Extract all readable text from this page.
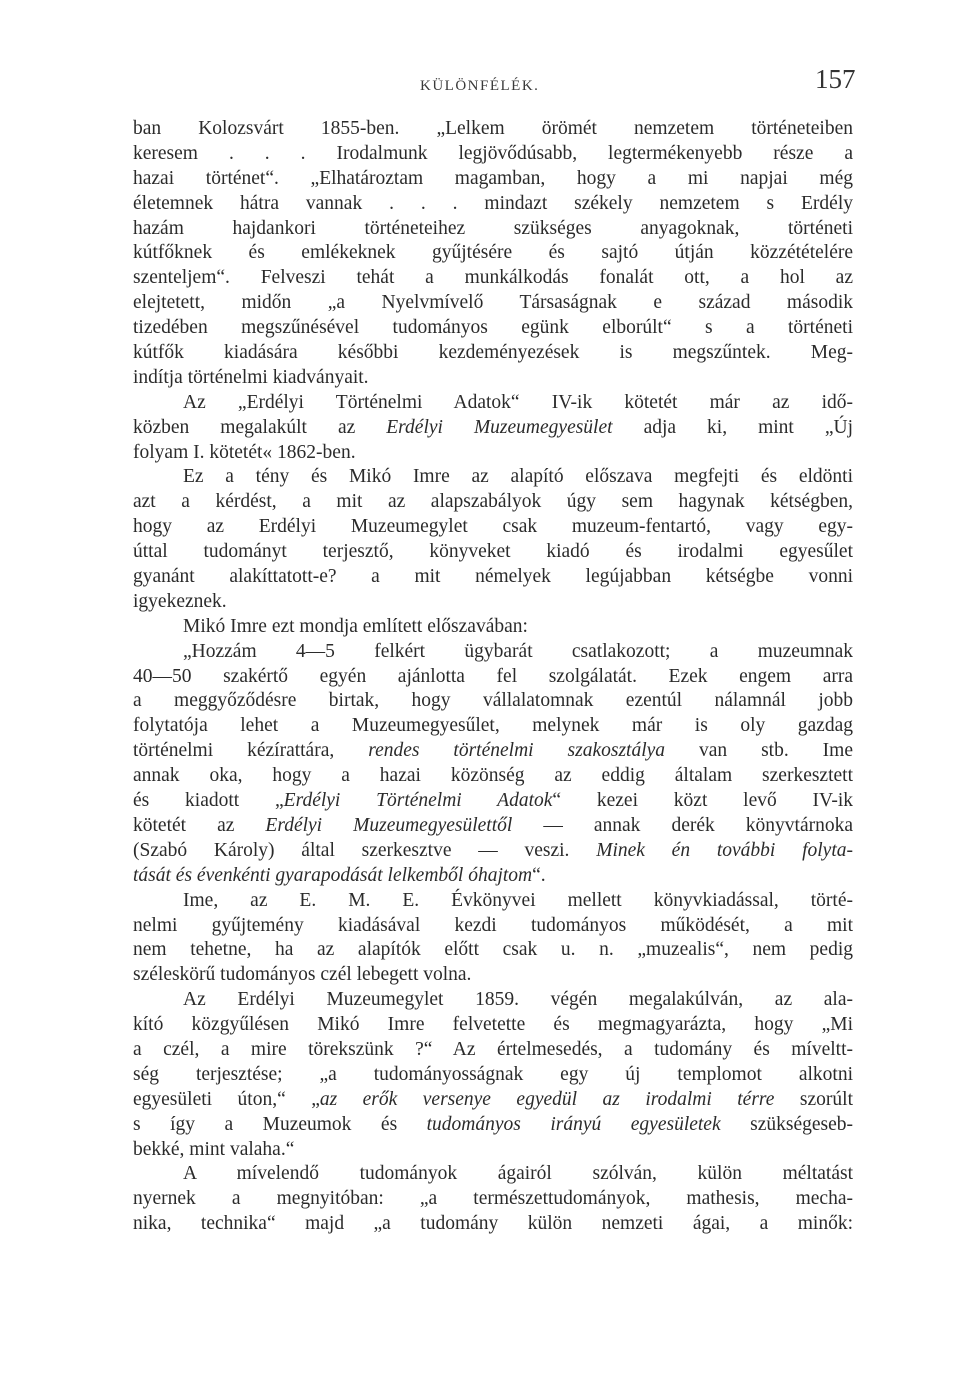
KÜLÖNFÉLÉK.	157
ban Kolozsvárt 1855-ben. „Lelkem örömét nemzetem történeteiben
keresem . . . Irodalmunk legjövődúsabb, legtermékenyebb része a
hazai történet“. „Elhatároztam magamban, hogy a mi napjai még
életemnek hátra vannak . . . mindazt székely nemzetem s Erdély
hazám hajdankori történeteihez szükséges anyagoknak, történeti
kútfőknek és emlékeknek gyűjtésére és sajtó útján közzétételére
szenteljem“. Felveszi tehát a munkálkodás fonalát ott, a hol az
elejtetett, midőn „a Nyelvmívelő Társaságnak e század második
tizedében megszűnésével tudományos egünk elborúlt“ s a történeti
kútfők kiadására későbbi kezdeményezések is megszűntek. Meg-
indítja történelmi kiadványait.
Az „Erdélyi Történelmi Adatok“ IV-ik kötetét már az idő-
közben megalakúlt az Erdélyi Muzeumegyesület adja ki, mint „Új
folyam I. kötetét« 1862-ben.
Ez a tény és Mikó Imre az alapító előszava megfejti és eldönti
azt a kérdést, a mit az alapszabályok úgy sem hagynak kétségben,
hogy az Erdélyi Muzeumegylet csak muzeum-fentartó, vagy egy-
úttal tudományt terjesztő, könyveket kiadó és irodalmi egyesűlet
gyanánt alakíttatott-e? a mit némelyek legújabban kétségbe vonni
igyekeznek.
Mikó Imre ezt mondja említett előszavában:
„Hozzám 4—5 felkért ügybarát csatlakozott; a muzeumnak
40—50 szakértő egyén ajánlotta fel szolgálatát. Ezek engem arra
a meggyőződésre birtak, hogy vállalatomnak ezentúl nálamnál jobb
folytatója lehet a Muzeumegyesűlet, melynek már is oly gazdag
történelmi kézírattára, rendes történelmi szakosztálya van stb. Ime
annak oka, hogy a hazai közönség az eddig általam szerkesztett
és kiadott „Erdélyi Történelmi Adatok“ kezei közt levő IV-ik
kötetét az Erdélyi Muzeumegyesülettől — annak derék könyvtárnoka
(Szabó Károly) által szerkesztve — veszi. Minek én további folyta-
tását és évenkénti gyarapodását lelkemből óhajtom“.
Ime, az E. M. E. Évkönyvei mellett könyvkiadással, törté-
nelmi gyűjtemény kiadásával kezdi tudományos működését, a mit
nem tehetne, ha az alapítók előtt csak u. n. „muzealis“, nem pedig
széleskörű tudományos czél lebegett volna.
Az Erdélyi Muzeumegylet 1859. végén megalakúlván, az ala-
kító közgyűlésen Mikó Imre felvetette és megmagyarázta, hogy „Mi
a czél, a mire törekszünk ?“ Az értelmesedés, a tudomány és míveltt-
ség terjesztése; „a tudományosságnak egy új templomot alkotni
egyesületi úton,“ „az erők versenye egyedül az irodalmi térre szorúlt
s így a Muzeumok és tudományos irányú egyesületek szükségeseb-
bekké, mint valaha.“
A mívelendő tudományok ágairól szólván, külön méltatást
nyernek a megnyitóban: „a természettudományok, mathesis, mecha-
nika, technika“ majd „a tudomány külön nemzeti ágai, a minők:
